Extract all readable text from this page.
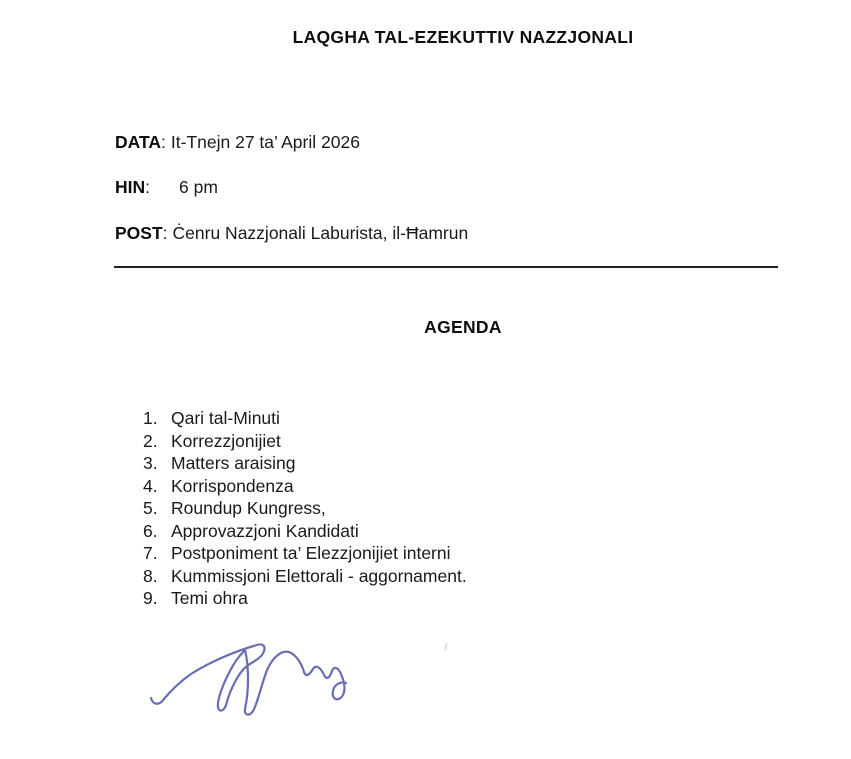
LAQGHA TAL-EZEKUTTIV NAZZJONALI

DATA: It-Tnejn 27 ta’ April 2026

HIN: 6 pm

POST: Ċenru Nazzjonali Laburista, il-Ħamrun

AGENDA
1. Qari tal-Minuti
2. Korrezzjonijiet
3. Matters araising
4. Korrispondenza
5. Roundup Kungress,
6. Approvazzjoni Kandidati
7. Postponiment ta’ Elezzjonijiet interni
8. Kummissjoni Elettorali - aggornament.
9. Temi ohra
